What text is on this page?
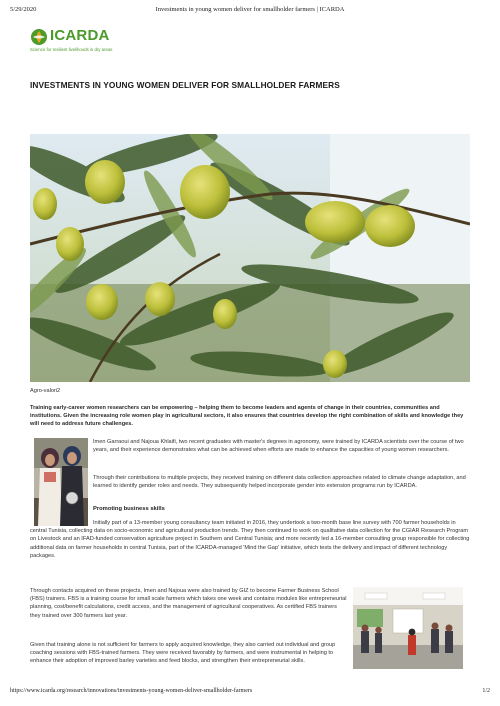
5/29/2020	Investments in young women deliver for smallholder farmers | ICARDA
ICARDA
Science for resilient livelihoods in dry areas
INVESTMENTS IN YOUNG WOMEN DELIVER FOR SMALLHOLDER FARMERS
Agro-valori2

Training early-career women researchers can be empowering – helping them to become leaders and agents of change in their countries, communities and institutions. Given the increasing role women play in agricultural sectors, it also ensures that countries develop the right combination of skills and knowledge they will need to address future challenges.

Imen Garraoui and Najoua Khlaifi, two recent graduates with master's degrees in agronomy, were trained by ICARDA scientists over the course of two years, and their experience demonstrates what can be achieved when efforts are made to enhance the capacities of young women researchers.

Through their contributions to multiple projects, they received training on different data collection approaches related to climate change adaptation, and learned to identify gender roles and needs. They subsequently helped incorporate gender into extension programs run by ICARDA.

Promoting business skills

Initially part of a 13-member young consultancy team initiated in 2016, they undertook a two-month base line survey with 700 farmer households in central Tunisia, collecting data on socio-economic and agricultural production trends. They then continued to work on qualitative data collection for the CGIAR Research Program on Livestock and an IFAD-funded conservation agriculture project in Southern and Central Tunisia; and more recently led a 16-member consulting group responsible for collecting additional data on farmer households in central Tunisia, part of the ICARDA-managed 'Mind the Gap' initiative, which tests the delivery and impact of different technology packages.

Through contacts acquired on these projects, Imen and Najoua were also trained by GIZ to become Farmer Business School (FBS) trainers. FBS is a training course for small scale farmers which takes one week and contains modules like entrepreneurial planning, cost/benefit calculations, credit access, and the management of agricultural cooperatives. As certified FBS trainers they trained over 300 farmers last year.

Given that training alone is not sufficient for farmers to apply acquired knowledge, they also carried out individual and group coaching sessions with FBS-trained farmers. They were received favorably by farmers, and were instrumental in helping to enhance their adoption of improved barley varieties and feed blocks, and strengthen their entrepreneurial skills.

https://www.icarda.org/research/innovations/investments-young-women-deliver-smallholder-farmers	1/2
